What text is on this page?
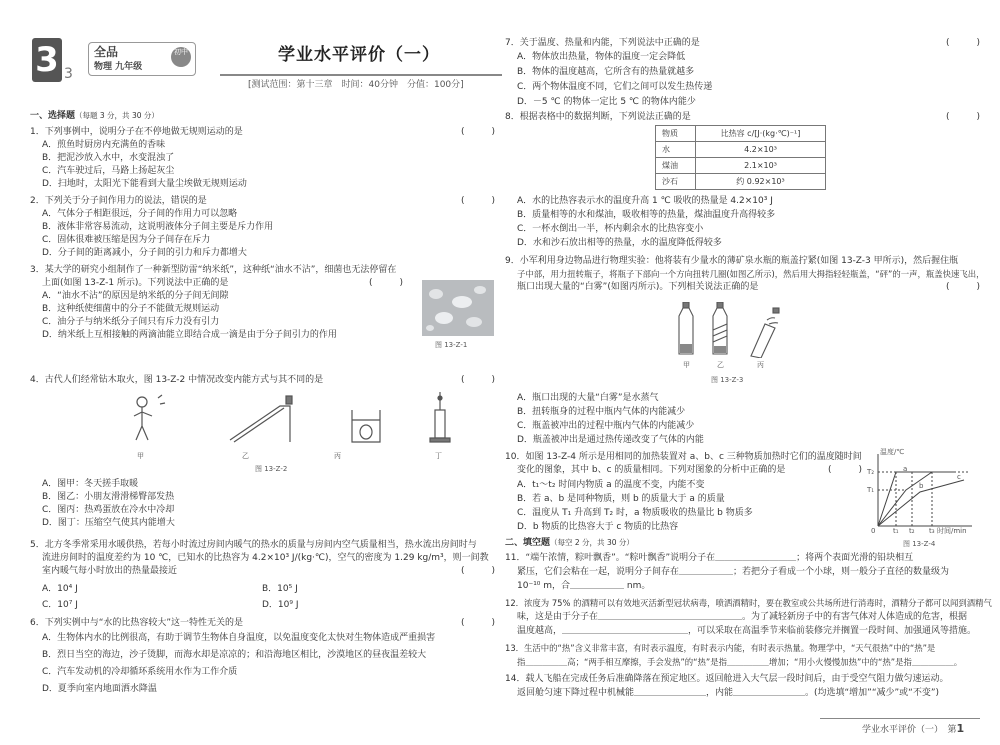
3 3
全品	初中
物理 九年级
学业水平评价（一）
[测试范围：第十三章　时间：40分钟　分值：100分]
一、选择题（每题 3 分，共 30 分）
1．下列事例中，说明分子在不停地做无规则运动的是	(　　　)
A．煎鱼时厨房内充满鱼的香味
B．把泥沙放入水中，水变混浊了
C．汽车驶过后，马路上扬起灰尘
D．扫地时，太阳光下能看到大量尘埃做无规则运动
2．下列关于分子间作用力的说法，错误的是	(　　　)
A．气体分子相距很远，分子间的作用力可以忽略
B．液体非常容易流动，这说明液体分子间主要是斥力作用
C．固体很难被压缩是因为分子间存在斥力
D．分子间的距离减小，分子间的引力和斥力都增大
3．某大学的研究小组制作了一种新型防雷“纳米纸”，这种纸“油水不沾”，细菌也无法停留在
上面(如图 13-Z-1 所示)。下列说法中正确的是	(　　　)
A．“油水不沾”的原因是纳米纸的分子间无间隙
B．这种纸使细菌中的分子不能做无规则运动
C．油分子与纳米纸分子间只有斥力没有引力
D．纳米纸上互相接触的两滴油能立即结合成一滴是由于分子间引力的作用
图 13-Z-1
4．古代人们经常钻木取火，图 13-Z-2 中情况改变内能方式与其不同的是	(　　　)
甲	乙	丙	丁
图 13-Z-2
A．图甲：冬天搓手取暖
B．图乙：小朋友滑滑梯臀部发热
C．图丙：热鸡蛋放在冷水中冷却
D．图丁：压缩空气使其内能增大
5．北方冬季常采用水暖供热，若每小时流过房间内暖气的热水的质量与房间内空气质量相当，热水流出房间时与
流进房间时的温度差约为 10 ℃，已知水的比热容为 4.2×10³ J/(kg·℃)，空气的密度为 1.29 kg/m³，则一间教
室内暖气每小时放出的热量最接近	(　　　)
A．10⁴ J	B．10⁵ J
C．10⁷ J	D．10⁹ J
6．下列实例中与“水的比热容较大”这一特性无关的是	(　　　)
A．生物体内水的比例很高，有助于调节生物体自身温度，以免温度变化太快对生物体造成严重损害
B．烈日当空的海边，沙子烫脚，而海水却是凉凉的；和沿海地区相比，沙漠地区的昼夜温差较大
C．汽车发动机的冷却循环系统用水作为工作介质
D．夏季向室内地面洒水降温
7．关于温度、热量和内能，下列说法中正确的是	(　　　)
A．物体放出热量，物体的温度一定会降低
B．物体的温度越高，它所含有的热量就越多
C．两个物体温度不同，它们之间可以发生热传递
D．－5 ℃ 的物体一定比 5 ℃ 的物体内能少
8．根据表格中的数据判断，下列说法正确的是	(　　　)
物质	比热容 c/[J·(kg·℃)⁻¹]
水	4.2×10³
煤油	2.1×10³
沙石	约 0.92×10³
A．水的比热容表示水的温度升高 1 ℃ 吸收的热量是 4.2×10³ J
B．质量相等的水和煤油，吸收相等的热量，煤油温度升高得较多
C．一杯水倒出一半，杯内剩余水的比热容变小
D．水和沙石放出相等的热量，水的温度降低得较多
9．小军利用身边物品进行物理实验：他将装有少量水的薄矿泉水瓶的瓶盖拧紧(如图 13-Z-3 甲所示)，然后握住瓶
子中部，用力扭转瓶子，将瓶子下部向一个方向扭转几圈(如图乙所示)，然后用大拇指轻轻瓶盖，“砰”的一声，瓶盖快速飞出，
瓶口出现大量的“白雾”(如图丙所示)。下列相关说法正确的是	(　　　)
甲	乙	丙
图 13-Z-3
A．瓶口出现的大量“白雾”是水蒸气
B．扭转瓶身的过程中瓶内气体的内能减少
C．瓶盖被冲出的过程中瓶内气体的内能减少
D．瓶盖被冲出是通过热传递改变了气体的内能
10．如图 13-Z-4 所示是用相同的加热装置对 a、b、c 三种物质加热时它们的温度随时间
变化的图象，其中 b、c 的质量相同。下列对图象的分析中正确的是	(　　　)
A．t₁～t₂ 时间内物质 a 的温度不变，内能不变
B．若 a、b 是同种物质，则 b 的质量大于 a 的质量
C．温度从 T₁ 升高到 T₂ 时，a 物质吸收的热量比 b 物质多
D．b 物质的比热容大于 c 物质的比热容
温度/℃
T₂
T₁
0	t₁ t₂ t₃ 时间/min
a
b
c
图 13-Z-4
二、填空题（每空 2 分，共 30 分）
11．“端午浓情，粽叶飘香”。“粽叶飘香”说明分子在＿＿＿＿＿＿＿＿＿；将两个表面光滑的铅块相互
紧压，它们会粘在一起，说明分子间存在＿＿＿＿＿＿；若把分子看成一个小球，则一般分子直径的数量级为
10⁻¹⁰ m，合＿＿＿＿＿＿ nm。
12．浓度为 75% 的酒精可以有效地灭活新型冠状病毒，喷洒酒精时，要在教室或公共场所进行消毒时，酒精分子都可以闻到酒精气
味，这是由于分子在＿＿＿＿＿＿＿＿＿＿＿＿＿＿＿＿。为了减轻新房子中的有害气体对人体造成的危害，根据
温度越高，＿＿＿＿＿＿＿＿＿＿＿＿＿＿，可以采取在高温季节来临前装修完并搁置一段时间、加强通风等措施。
13．生活中的“热”含义非常丰富，有时表示温度，有时表示内能，有时表示热量。物理学中，“天气很热”中的“热”是
指＿＿＿＿＿高；“两手相互摩擦，手会发热”的“热”是指＿＿＿＿＿增加；“用小火慢慢加热”中的“热”是指＿＿＿＿＿。
14．载人飞船在完成任务后准确降落在预定地区。返回舱进入大气层一段时间后，由于受空气阻力做匀速运动。
返回舱匀速下降过程中机械能＿＿＿＿＿＿＿＿，内能＿＿＿＿＿＿＿＿。(均选填“增加”“减少”或“不变”)
学业水平评价（一）　 第1
